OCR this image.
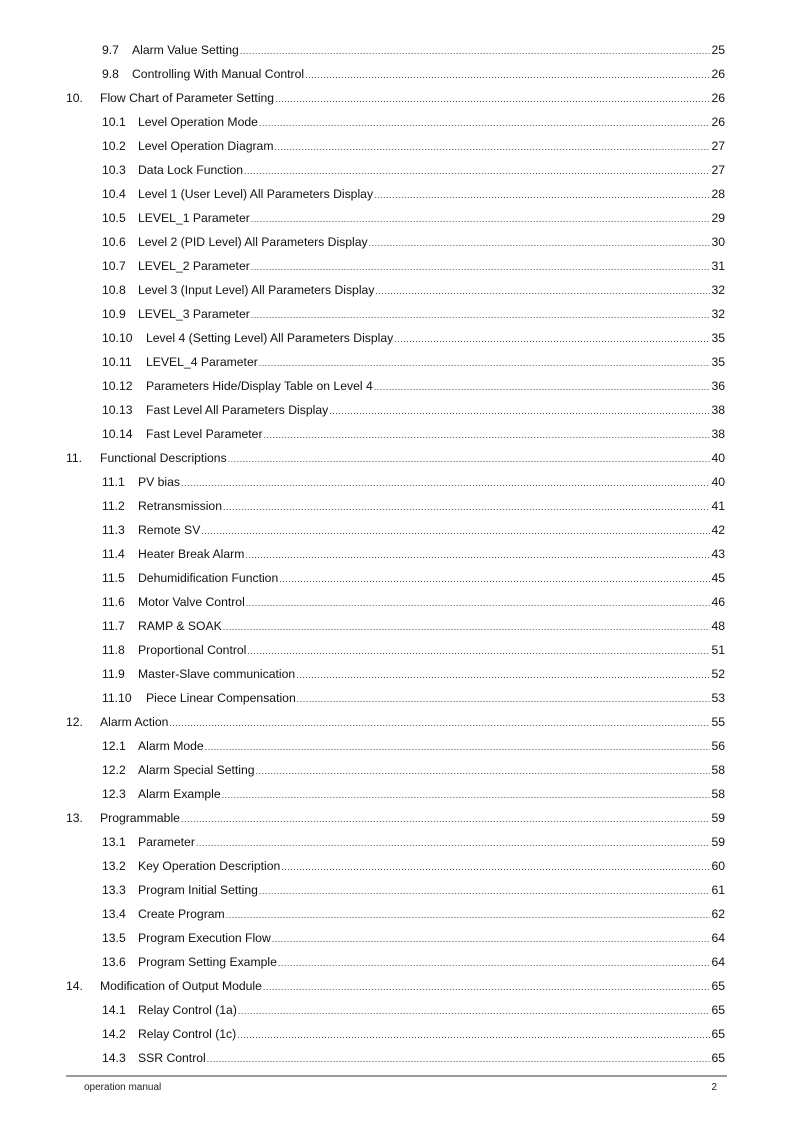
9.7 Alarm Value Setting .....	25
9.8 Controlling With Manual Control .....	26
10. Flow Chart of Parameter Setting .....	26
10.1 Level Operation Mode .....	26
10.2 Level Operation Diagram .....	27
10.3 Data Lock Function .....	27
10.4 Level 1 (User Level) All Parameters Display .....	28
10.5 LEVEL_1 Parameter .....	29
10.6 Level 2 (PID Level) All Parameters Display .....	30
10.7 LEVEL_2 Parameter .....	31
10.8 Level 3 (Input Level) All Parameters Display .....	32
10.9 LEVEL_3 Parameter .....	32
10.10 Level 4 (Setting Level) All Parameters Display .....	35
10.11 LEVEL_4 Parameter .....	35
10.12 Parameters Hide/Display Table on Level 4 .....	36
10.13 Fast Level All Parameters Display .....	38
10.14 Fast Level Parameter .....	38
11. Functional Descriptions .....	40
11.1 PV bias .....	40
11.2 Retransmission .....	41
11.3 Remote SV .....	42
11.4 Heater Break Alarm .....	43
11.5 Dehumidification Function .....	45
11.6 Motor Valve Control .....	46
11.7 RAMP & SOAK .....	48
11.8 Proportional Control .....	51
11.9 Master-Slave communication .....	52
11.10 Piece Linear Compensation .....	53
12. Alarm Action .....	55
12.1 Alarm Mode .....	56
12.2 Alarm Special Setting .....	58
12.3 Alarm Example .....	58
13. Programmable .....	59
13.1 Parameter .....	59
13.2 Key Operation Description .....	60
13.3 Program Initial Setting .....	61
13.4 Create Program .....	62
13.5 Program Execution Flow .....	64
13.6 Program Setting Example .....	64
14. Modification of Output Module .....	65
14.1 Relay Control (1a) .....	65
14.2 Relay Control (1c) .....	65
14.3 SSR Control .....	65
operation manual	2
